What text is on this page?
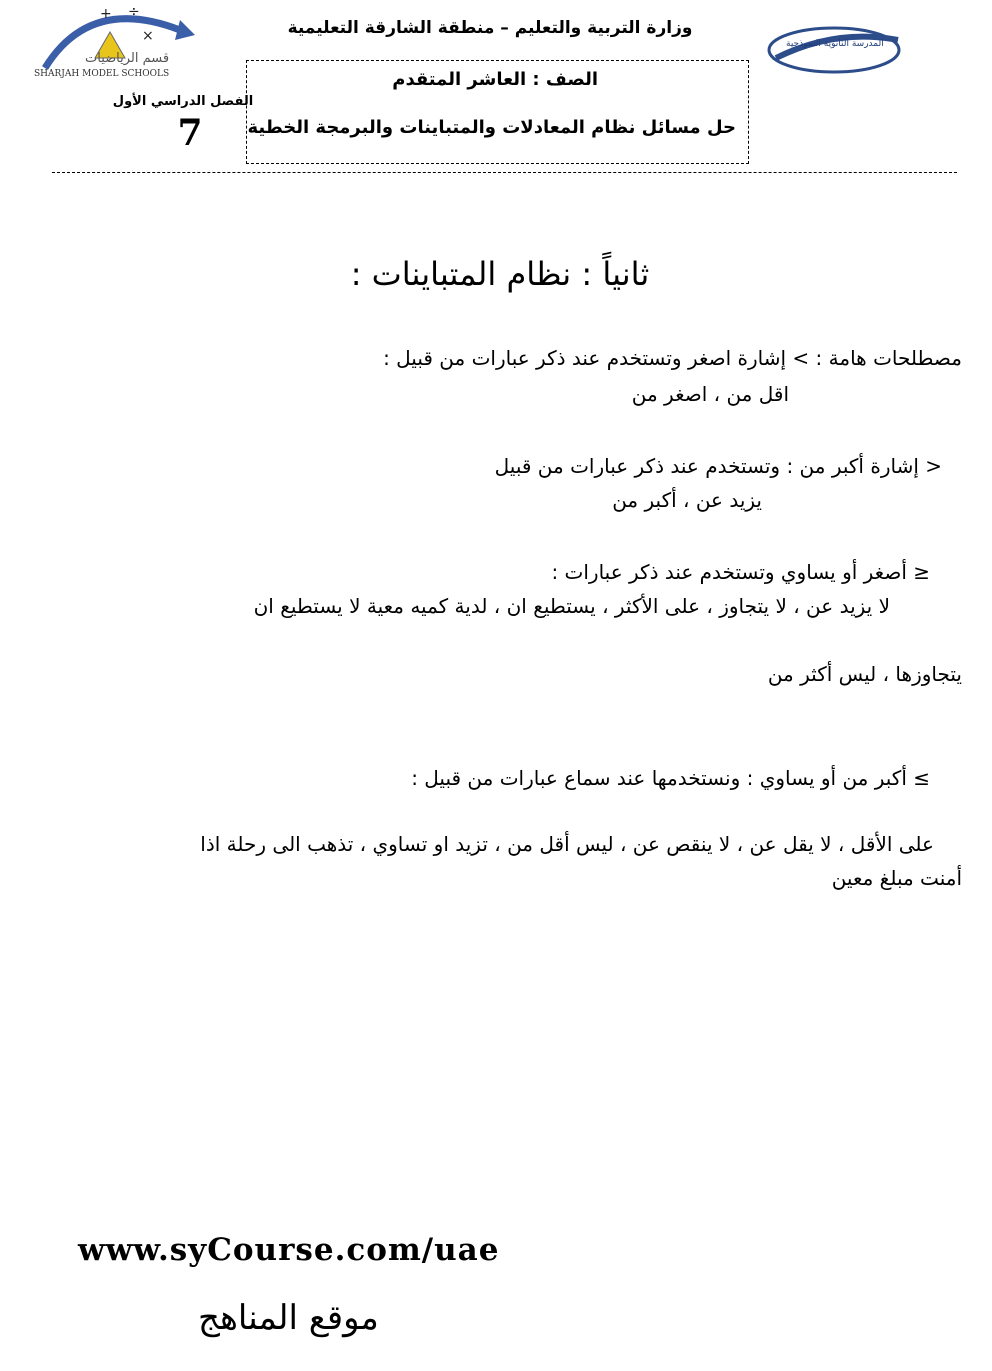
+ ÷
×
قسم الرياضيات
SHARJAH MODEL SCHOOLS
المدرسة الثانوية النموذجية
وزارة التربية والتعليم – منطقة الشارقة التعليمية
الصف : العاشر المتقدم
حل مسائل نظام المعادلات والمتباينات والبرمجة الخطية
الفصل الدراسي الأول
7
ثانياً : نظام المتباينات :
مصطلحات هامة : > إشارة اصغر وتستخدم عند ذكر عبارات من قبيل :
اقل من ، اصغر من
< إشارة أكبر من : وتستخدم عند ذكر عبارات من قبيل
يزيد عن ، أكبر من
≤ أصغر أو يساوي وتستخدم عند ذكر عبارات :
لا يزيد عن ، لا يتجاوز ، على الأكثر ، يستطيع ان ، لدية كميه معية لا يستطيع ان
يتجاوزها ، ليس أكثر من
≥ أكبر من أو يساوي : ونستخدمها عند سماع عبارات من قبيل :
على الأقل ، لا يقل عن ، لا ينقص عن ، ليس أقل من ، تزيد او تساوي ، تذهب الى رحلة اذا
أمنت مبلغ معين
www.syCourse.com/uae
موقع المناهج
